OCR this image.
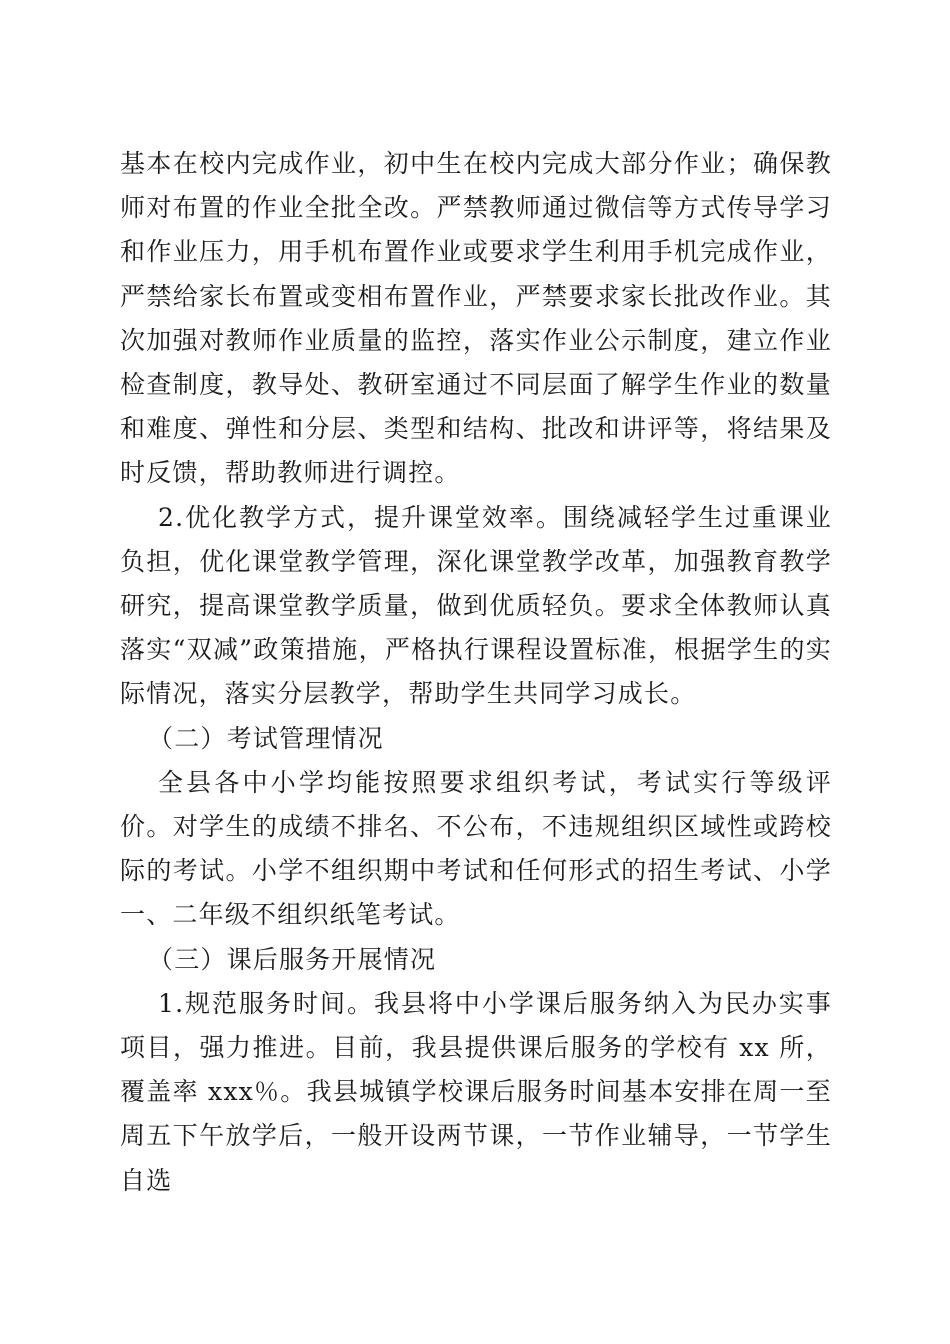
基本在校内完成作业，初中生在校内完成大部分作业；确保教师对布置的作业全批全改。严禁教师通过微信等方式传导学习和作业压力，用手机布置作业或要求学生利用手机完成作业，严禁给家长布置或变相布置作业，严禁要求家长批改作业。其次加强对教师作业质量的监控，落实作业公示制度，建立作业检查制度，教导处、教研室通过不同层面了解学生作业的数量和难度、弹性和分层、类型和结构、批改和讲评等，将结果及时反馈，帮助教师进行调控。

2.优化教学方式，提升课堂效率。围绕减轻学生过重课业负担，优化课堂教学管理，深化课堂教学改革，加强教育教学研究，提高课堂教学质量，做到优质轻负。要求全体教师认真落实“双减”政策措施，严格执行课程设置标准，根据学生的实际情况，落实分层教学，帮助学生共同学习成长。

（二）考试管理情况

全县各中小学均能按照要求组织考试，考试实行等级评价。对学生的成绩不排名、不公布，不违规组织区域性或跨校际的考试。小学不组织期中考试和任何形式的招生考试、小学一、二年级不组织纸笔考试。

（三）课后服务开展情况

1.规范服务时间。我县将中小学课后服务纳入为民办实事项目，强力推进。目前，我县提供课后服务的学校有 xx 所，覆盖率 xxx％。我县城镇学校课后服务时间基本安排在周一至周五下午放学后，一般开设两节课，一节作业辅导，一节学生自选
